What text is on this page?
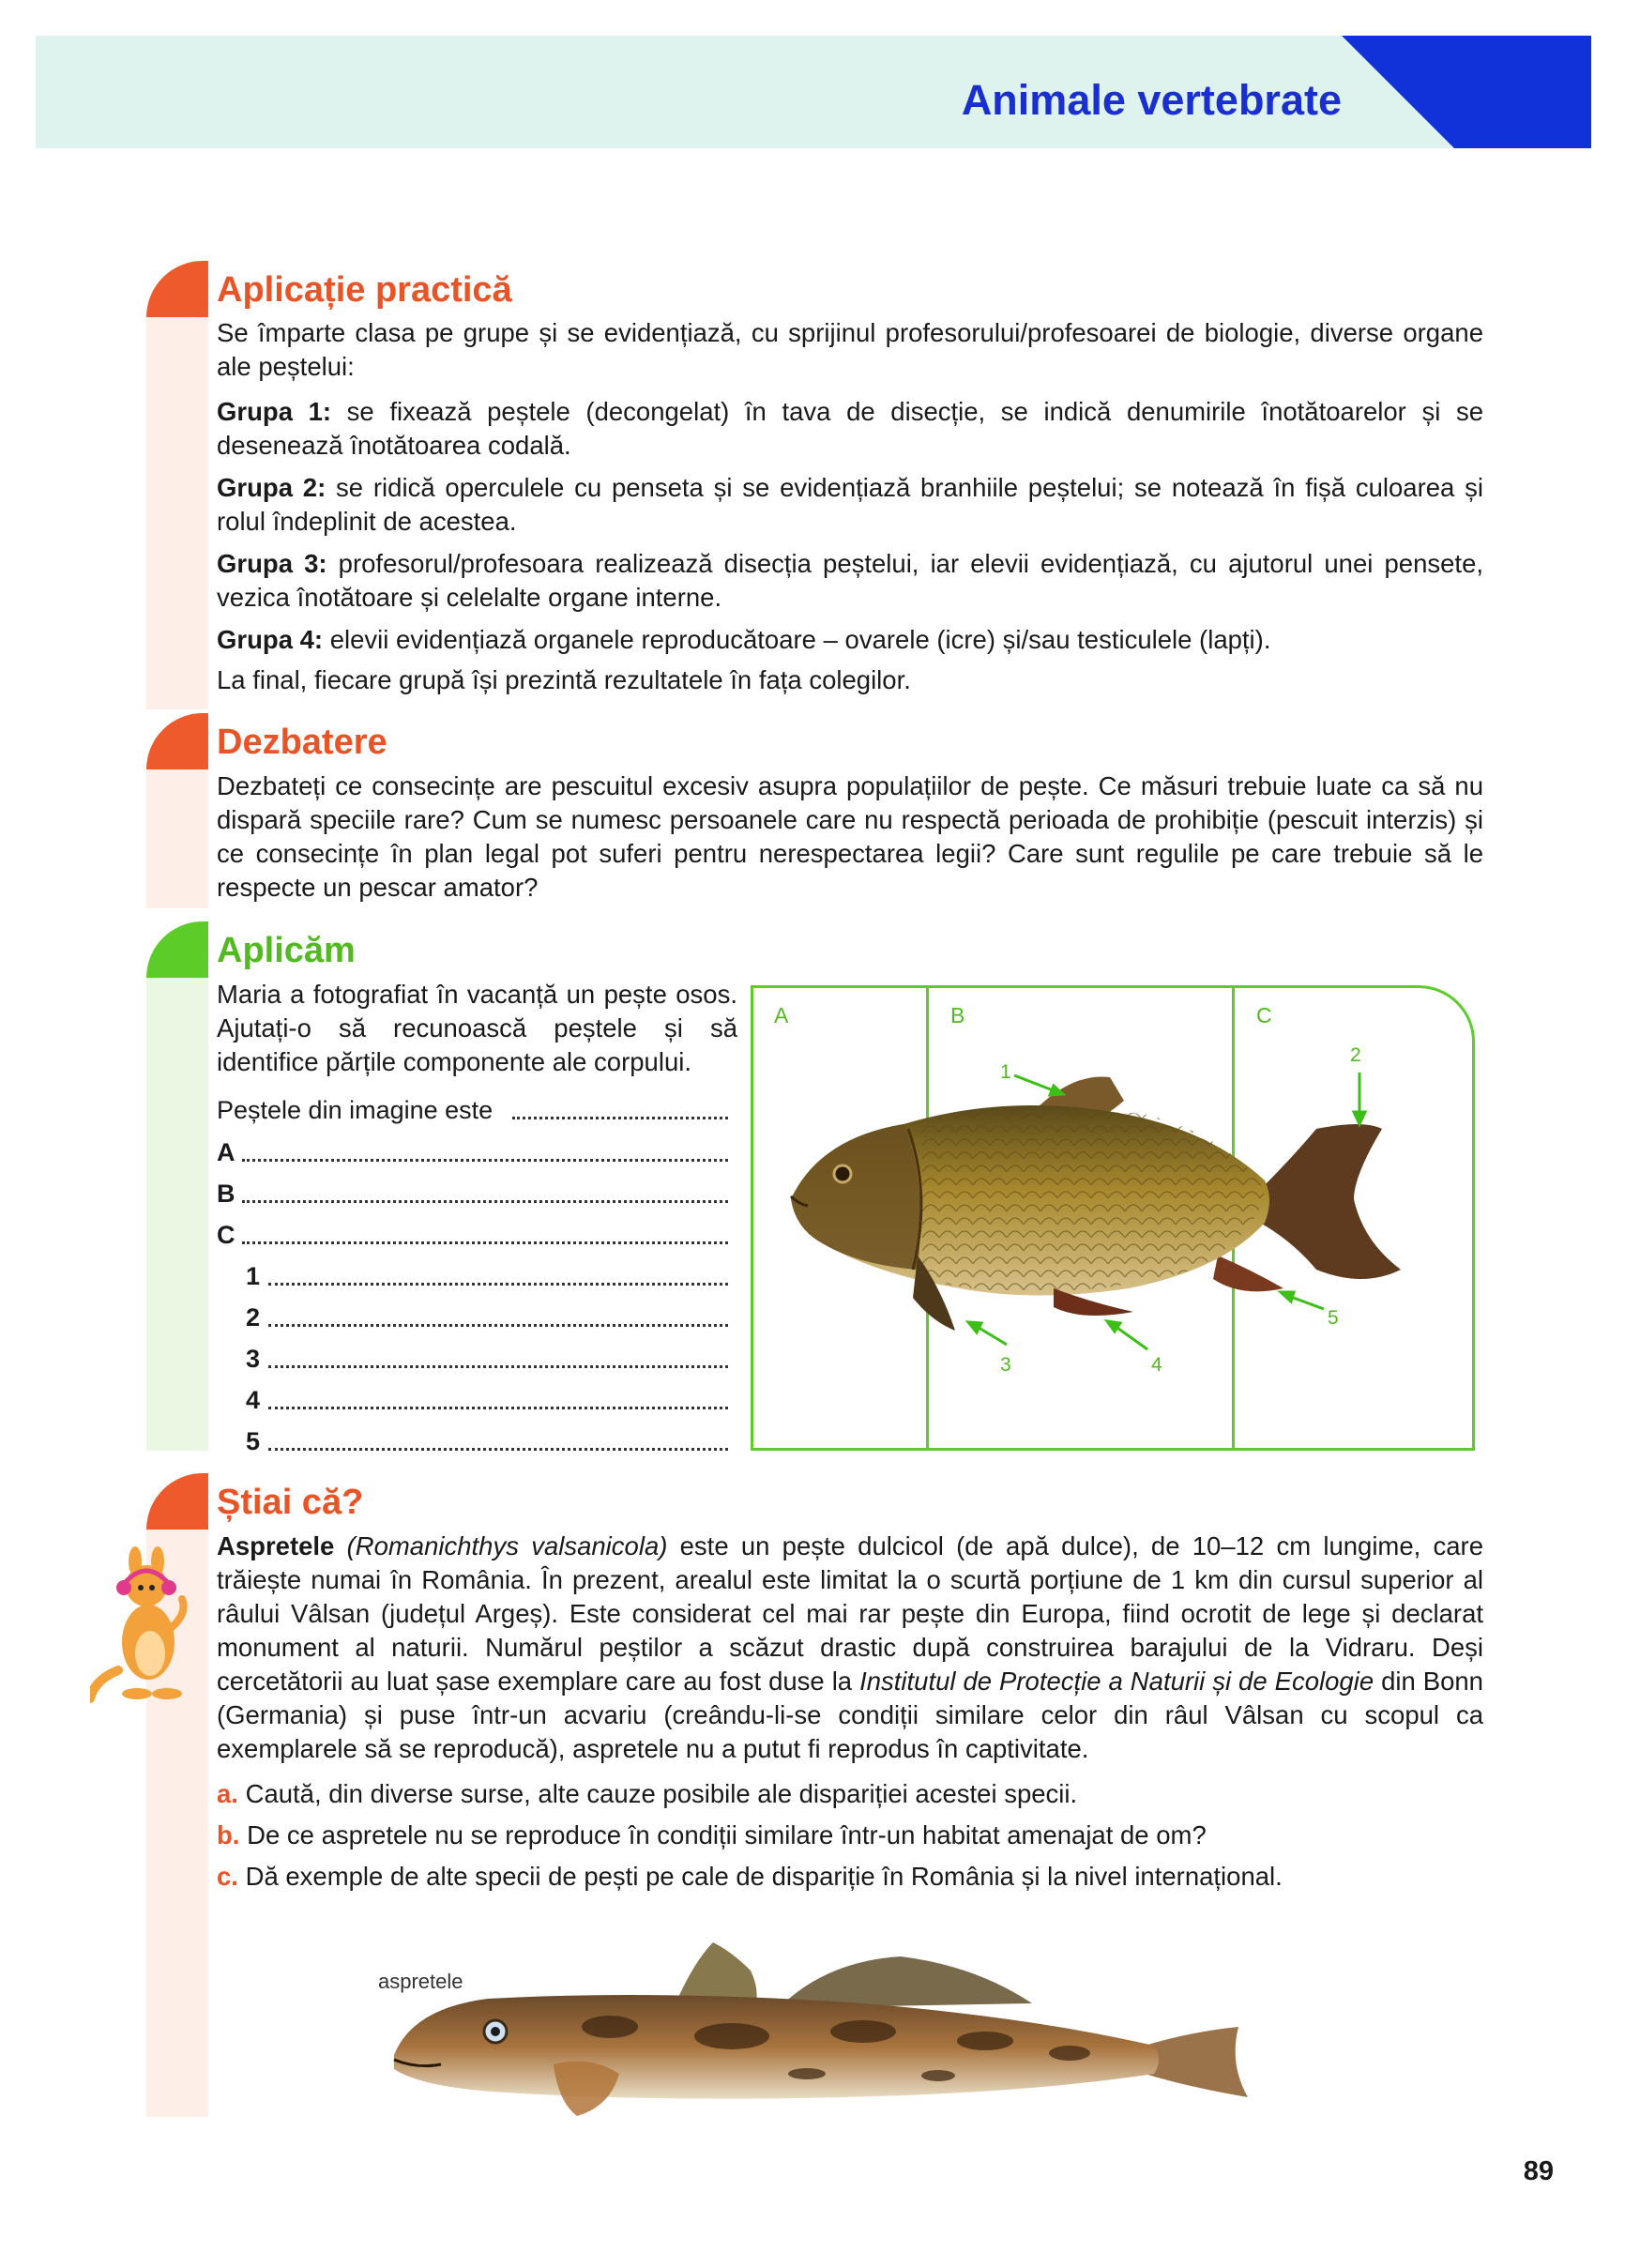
Animale vertebrate
Aplicație practică

Se împarte clasa pe grupe și se evidențiază, cu sprijinul profesorului/profesoarei de biologie, diverse organe ale peștelui:

Grupa 1: se fixează peștele (decongelat) în tava de disecție, se indică denumirile înotătoarelor și se desenează înotătoarea codală.

Grupa 2: se ridică operculele cu penseta și se evidențiază branhiile peștelui; se notează în fișă culoarea și rolul îndeplinit de acestea.

Grupa 3: profesorul/profesoara realizează disecția peștelui, iar elevii evidențiază, cu ajutorul unei pensete, vezica înotătoare și celelalte organe interne.

Grupa 4: elevii evidențiază organele reproducătoare – ovarele (icre) și/sau testiculele (lapți).

La final, fiecare grupă își prezintă rezultatele în fața colegilor.

Dezbatere

Dezbateți ce consecințe are pescuitul excesiv asupra populațiilor de pește. Ce măsuri trebuie luate ca să nu dispară speciile rare? Cum se numesc persoanele care nu respectă perioada de prohibiție (pescuit interzis) și ce consecințe în plan legal pot suferi pentru nerespectarea legii? Care sunt regulile pe care trebuie să le respecte un pescar amator?

Aplicăm

Maria a fotografiat în vacanță un pește osos. Ajutați-o să recunoască peștele și să identifice părțile componente ale corpului.

Peștele din imagine este
A
B
C
1
2
3
4
5
A	B	C
1
2
3	4
5
Știai că?

Aspretele (Romanichthys valsanicola) este un pește dulcicol (de apă dulce), de 10–12 cm lungime, care trăiește numai în România. În prezent, arealul este limitat la o scurtă porțiune de 1 km din cursul superior al râului Vâlsan (județul Argeș). Este considerat cel mai rar pește din Europa, fiind ocrotit de lege și declarat monument al naturii. Numărul peștilor a scăzut drastic după construirea barajului de la Vidraru. Deși cercetătorii au luat șase exemplare care au fost duse la Institutul de Protecție a Naturii și de Ecologie din Bonn (Germania) și puse într-un acvariu (creându-li-se condiții similare celor din râul Vâlsan cu scopul ca exemplarele să se reproducă), aspretele nu a putut fi reprodus în captivitate.

a. Caută, din diverse surse, alte cauze posibile ale dispariției acestei specii.

b. De ce aspretele nu se reproduce în condiții similare într-un habitat amenajat de om?

c. Dă exemple de alte specii de pești pe cale de dispariție în România și la nivel internațional.

aspretele
89
